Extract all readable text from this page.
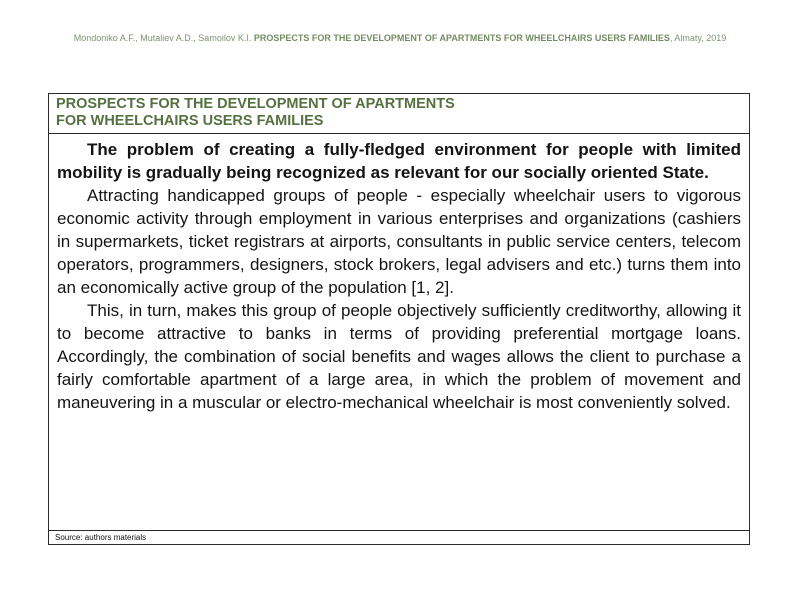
Mondoniko A.F., Mutaliev A.D., Samoilov K.I. PROSPECTS FOR THE DEVELOPMENT OF APARTMENTS FOR WHEELCHAIRS USERS FAMILIES, Almaty, 2019
PROSPECTS FOR THE DEVELOPMENT OF APARTMENTS
FOR WHEELCHAIRS USERS FAMILIES

The problem of creating a fully-fledged environment for people with limited mobility is gradually being recognized as relevant for our socially oriented State.

Attracting handicapped groups of people - especially wheelchair users to vigorous economic activity through employment in various enterprises and organizations (cashiers in supermarkets, ticket registrars at airports, consultants in public service centers, telecom operators, programmers, designers, stock brokers, legal advisers and etc.) turns them into an economically active group of the population [1, 2].

This, in turn, makes this group of people objectively sufficiently creditworthy, allowing it to become attractive to banks in terms of providing preferential mortgage loans. Accordingly, the combination of social benefits and wages allows the client to purchase a fairly comfortable apartment of a large area, in which the problem of movement and maneuvering in a muscular or electro-mechanical wheelchair is most conveniently solved.

Source: authors materials
